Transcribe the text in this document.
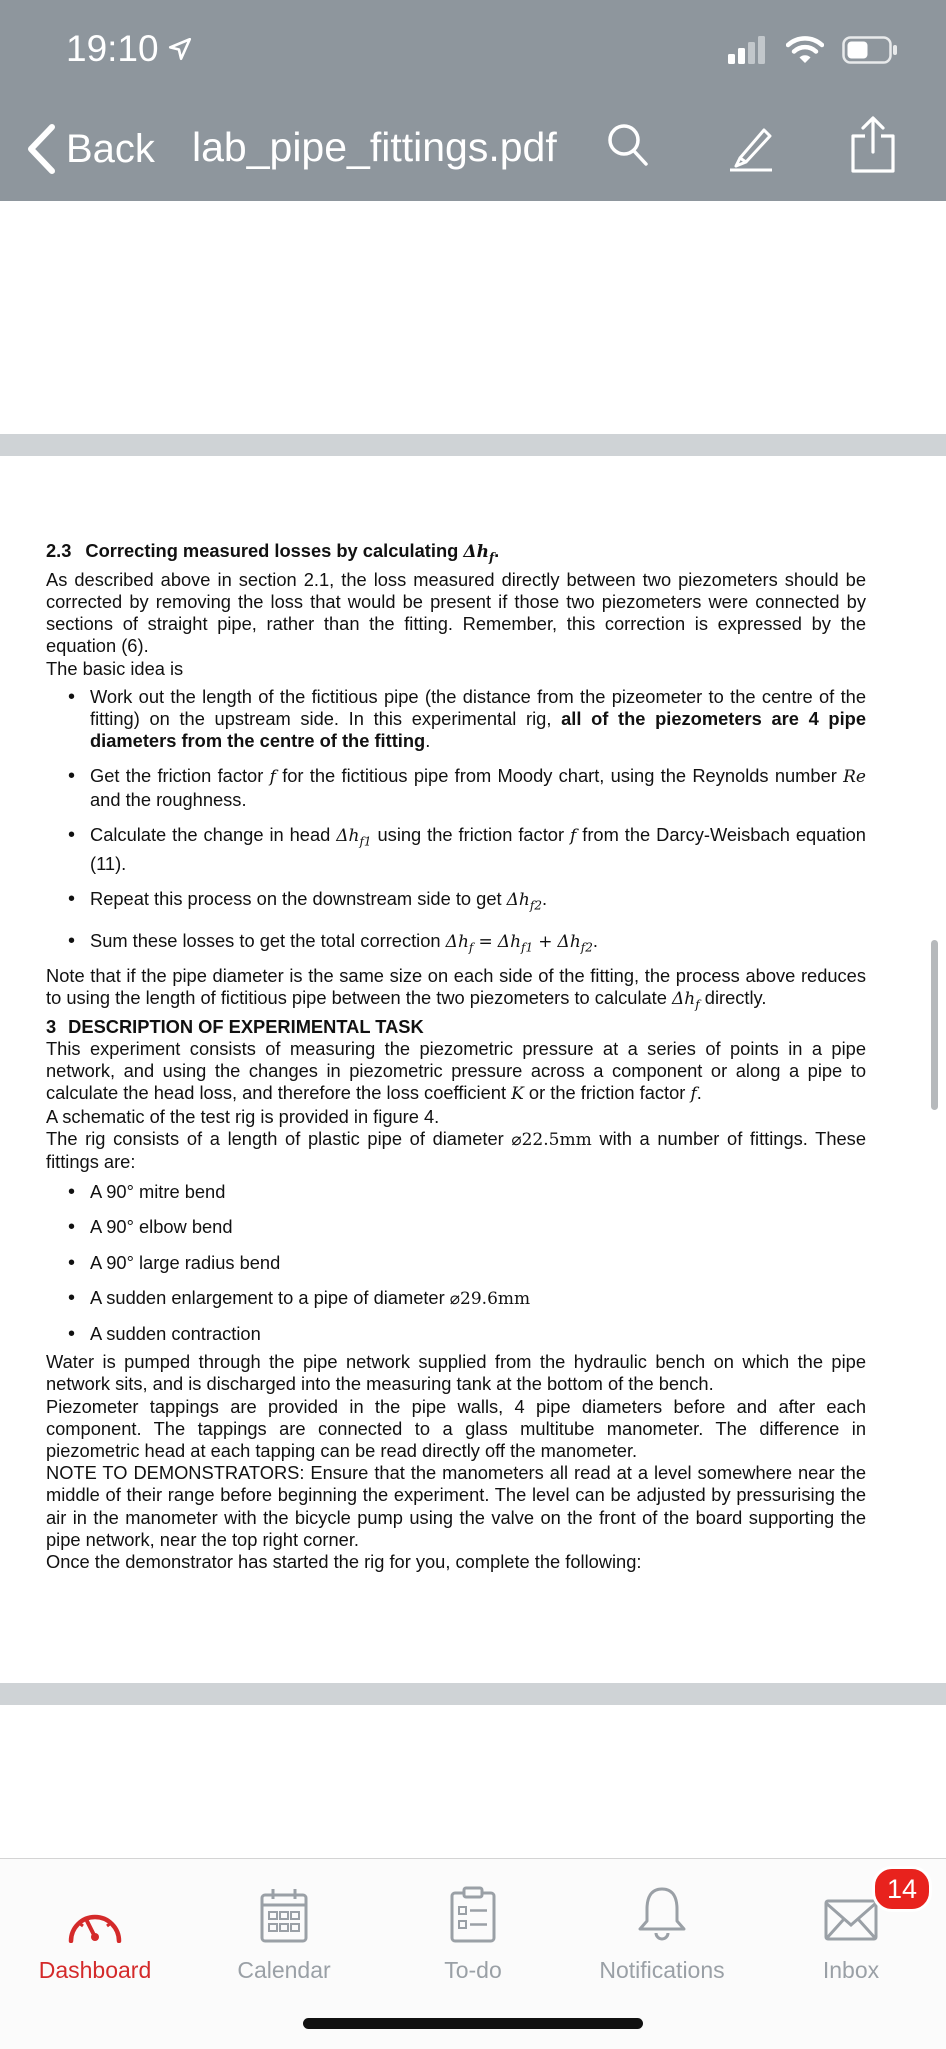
19:10
Back lab_pipe_fittings.pdf

2.3 Correcting measured losses by calculating $\Delta h_f$.

As described above in section 2.1, the loss measured directly between two piezometers should be corrected by removing the loss that would be present if those two piezometers were connected by sections of straight pipe, rather than the fitting. Remember, this correction is expressed by the equation (6).

The basic idea is

• Work out the length of the fictitious pipe (the distance from the pizeometer to the centre of the fitting) on the upstream side. In this experimental rig, all of the piezometers are 4 pipe diameters from the centre of the fitting.
• Get the friction factor f for the fictitious pipe from Moody chart, using the Reynolds number Re and the roughness.
• Calculate the change in head $\Delta h_{f1}$ using the friction factor f from the Darcy-Weisbach equation (11).
• Repeat this process on the downstream side to get $\Delta h_{f2}$.
• Sum these losses to get the total correction $\Delta h_f = \Delta h_{f1} + \Delta h_{f2}$.

Note that if the pipe diameter is the same size on each side of the fitting, the process above reduces to using the length of fictitious pipe between the two piezometers to calculate $\Delta h_f$ directly.

3 DESCRIPTION OF EXPERIMENTAL TASK

This experiment consists of measuring the piezometric pressure at a series of points in a pipe network, and using the changes in piezometric pressure across a component or along a pipe to calculate the head loss, and therefore the loss coefficient K or the friction factor f.

A schematic of the test rig is provided in figure 4.

The rig consists of a length of plastic pipe of diameter ⌀22.5mm with a number of fittings. These fittings are:

• A 90° mitre bend
• A 90° elbow bend
• A 90° large radius bend
• A sudden enlargement to a pipe of diameter ⌀29.6mm
• A sudden contraction

Water is pumped through the pipe network supplied from the hydraulic bench on which the pipe network sits, and is discharged into the measuring tank at the bottom of the bench.

Piezometer tappings are provided in the pipe walls, 4 pipe diameters before and after each component. The tappings are connected to a glass multitube manometer. The difference in piezometric head at each tapping can be read directly off the manometer.

NOTE TO DEMONSTRATORS: Ensure that the manometers all read at a level somewhere near the middle of their range before beginning the experiment. The level can be adjusted by pressurising the air in the manometer with the bicycle pump using the valve on the front of the board supporting the pipe network, near the top right corner.

Once the demonstrator has started the rig for you, complete the following:

Dashboard	Calendar	To-do	Notifications	Inbox
14
